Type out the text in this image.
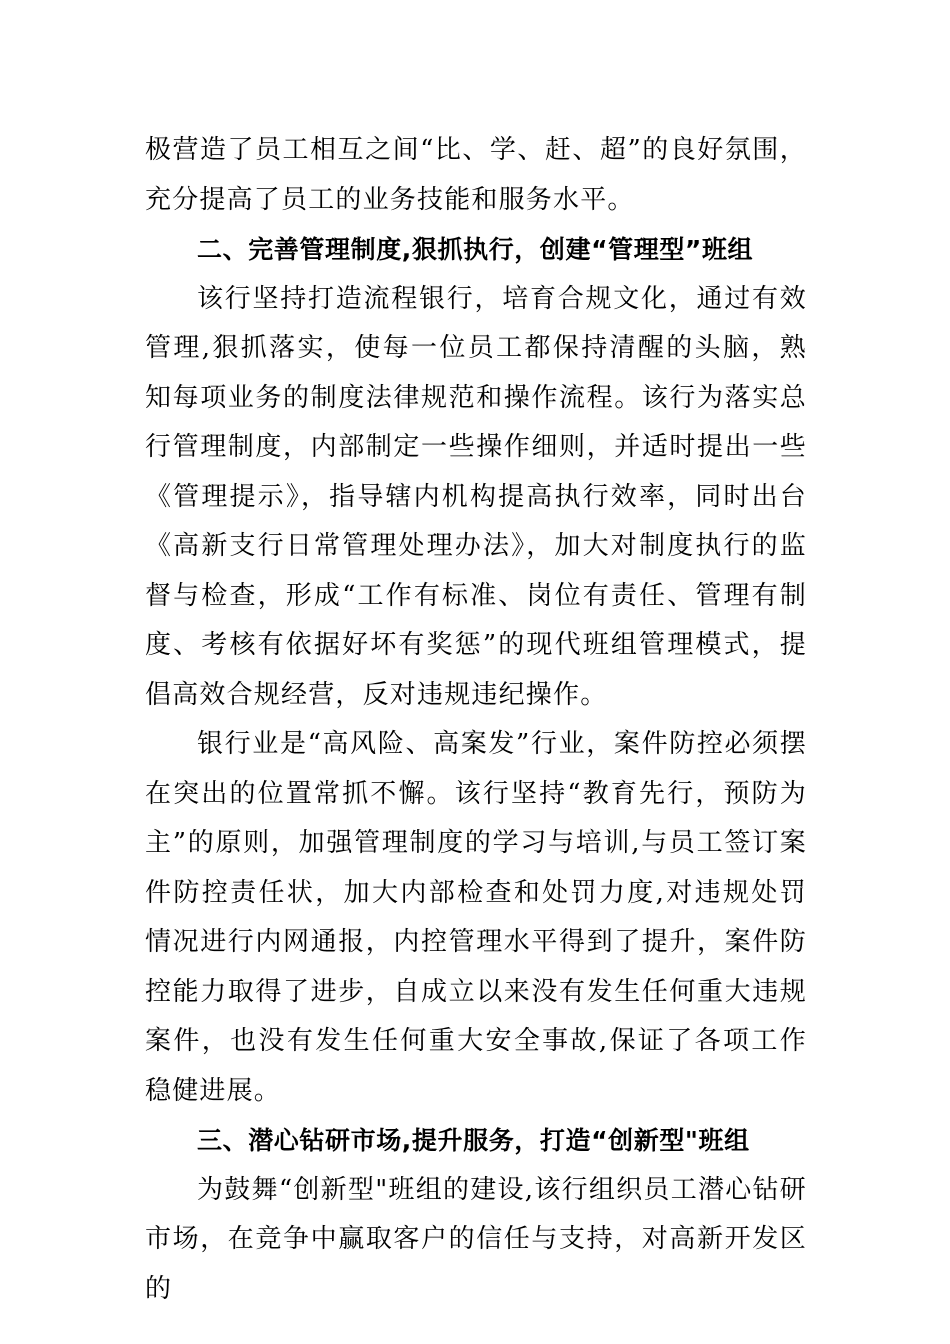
极营造了员工相互之间“比、学、赶、超”的良好氛围，充分提高了员工的业务技能和服务水平。

二、完善管理制度,狠抓执行，创建“管理型”班组

该行坚持打造流程银行，培育合规文化，通过有效管理,狠抓落实，使每一位员工都保持清醒的头脑，熟知每项业务的制度法律规范和操作流程。该行为落实总行管理制度，内部制定一些操作细则，并适时提出一些《管理提示》，指导辖内机构提高执行效率，同时出台《高新支行日常管理处理办法》，加大对制度执行的监督与检查，形成“工作有标准、岗位有责任、管理有制度、考核有依据好坏有奖惩”的现代班组管理模式，提倡高效合规经营，反对违规违纪操作。

银行业是“高风险、高案发”行业，案件防控必须摆在突出的位置常抓不懈。该行坚持“教育先行，预防为主”的原则，加强管理制度的学习与培训,与员工签订案件防控责任状，加大内部检查和处罚力度,对违规处罚情况进行内网通报，内控管理水平得到了提升，案件防控能力取得了进步，自成立以来没有发生任何重大违规案件，也没有发生任何重大安全事故,保证了各项工作稳健进展。

三、潜心钻研市场,提升服务，打造“创新型"班组

为鼓舞“创新型"班组的建设,该行组织员工潜心钻研市场，在竞争中赢取客户的信任与支持，对高新开发区的
